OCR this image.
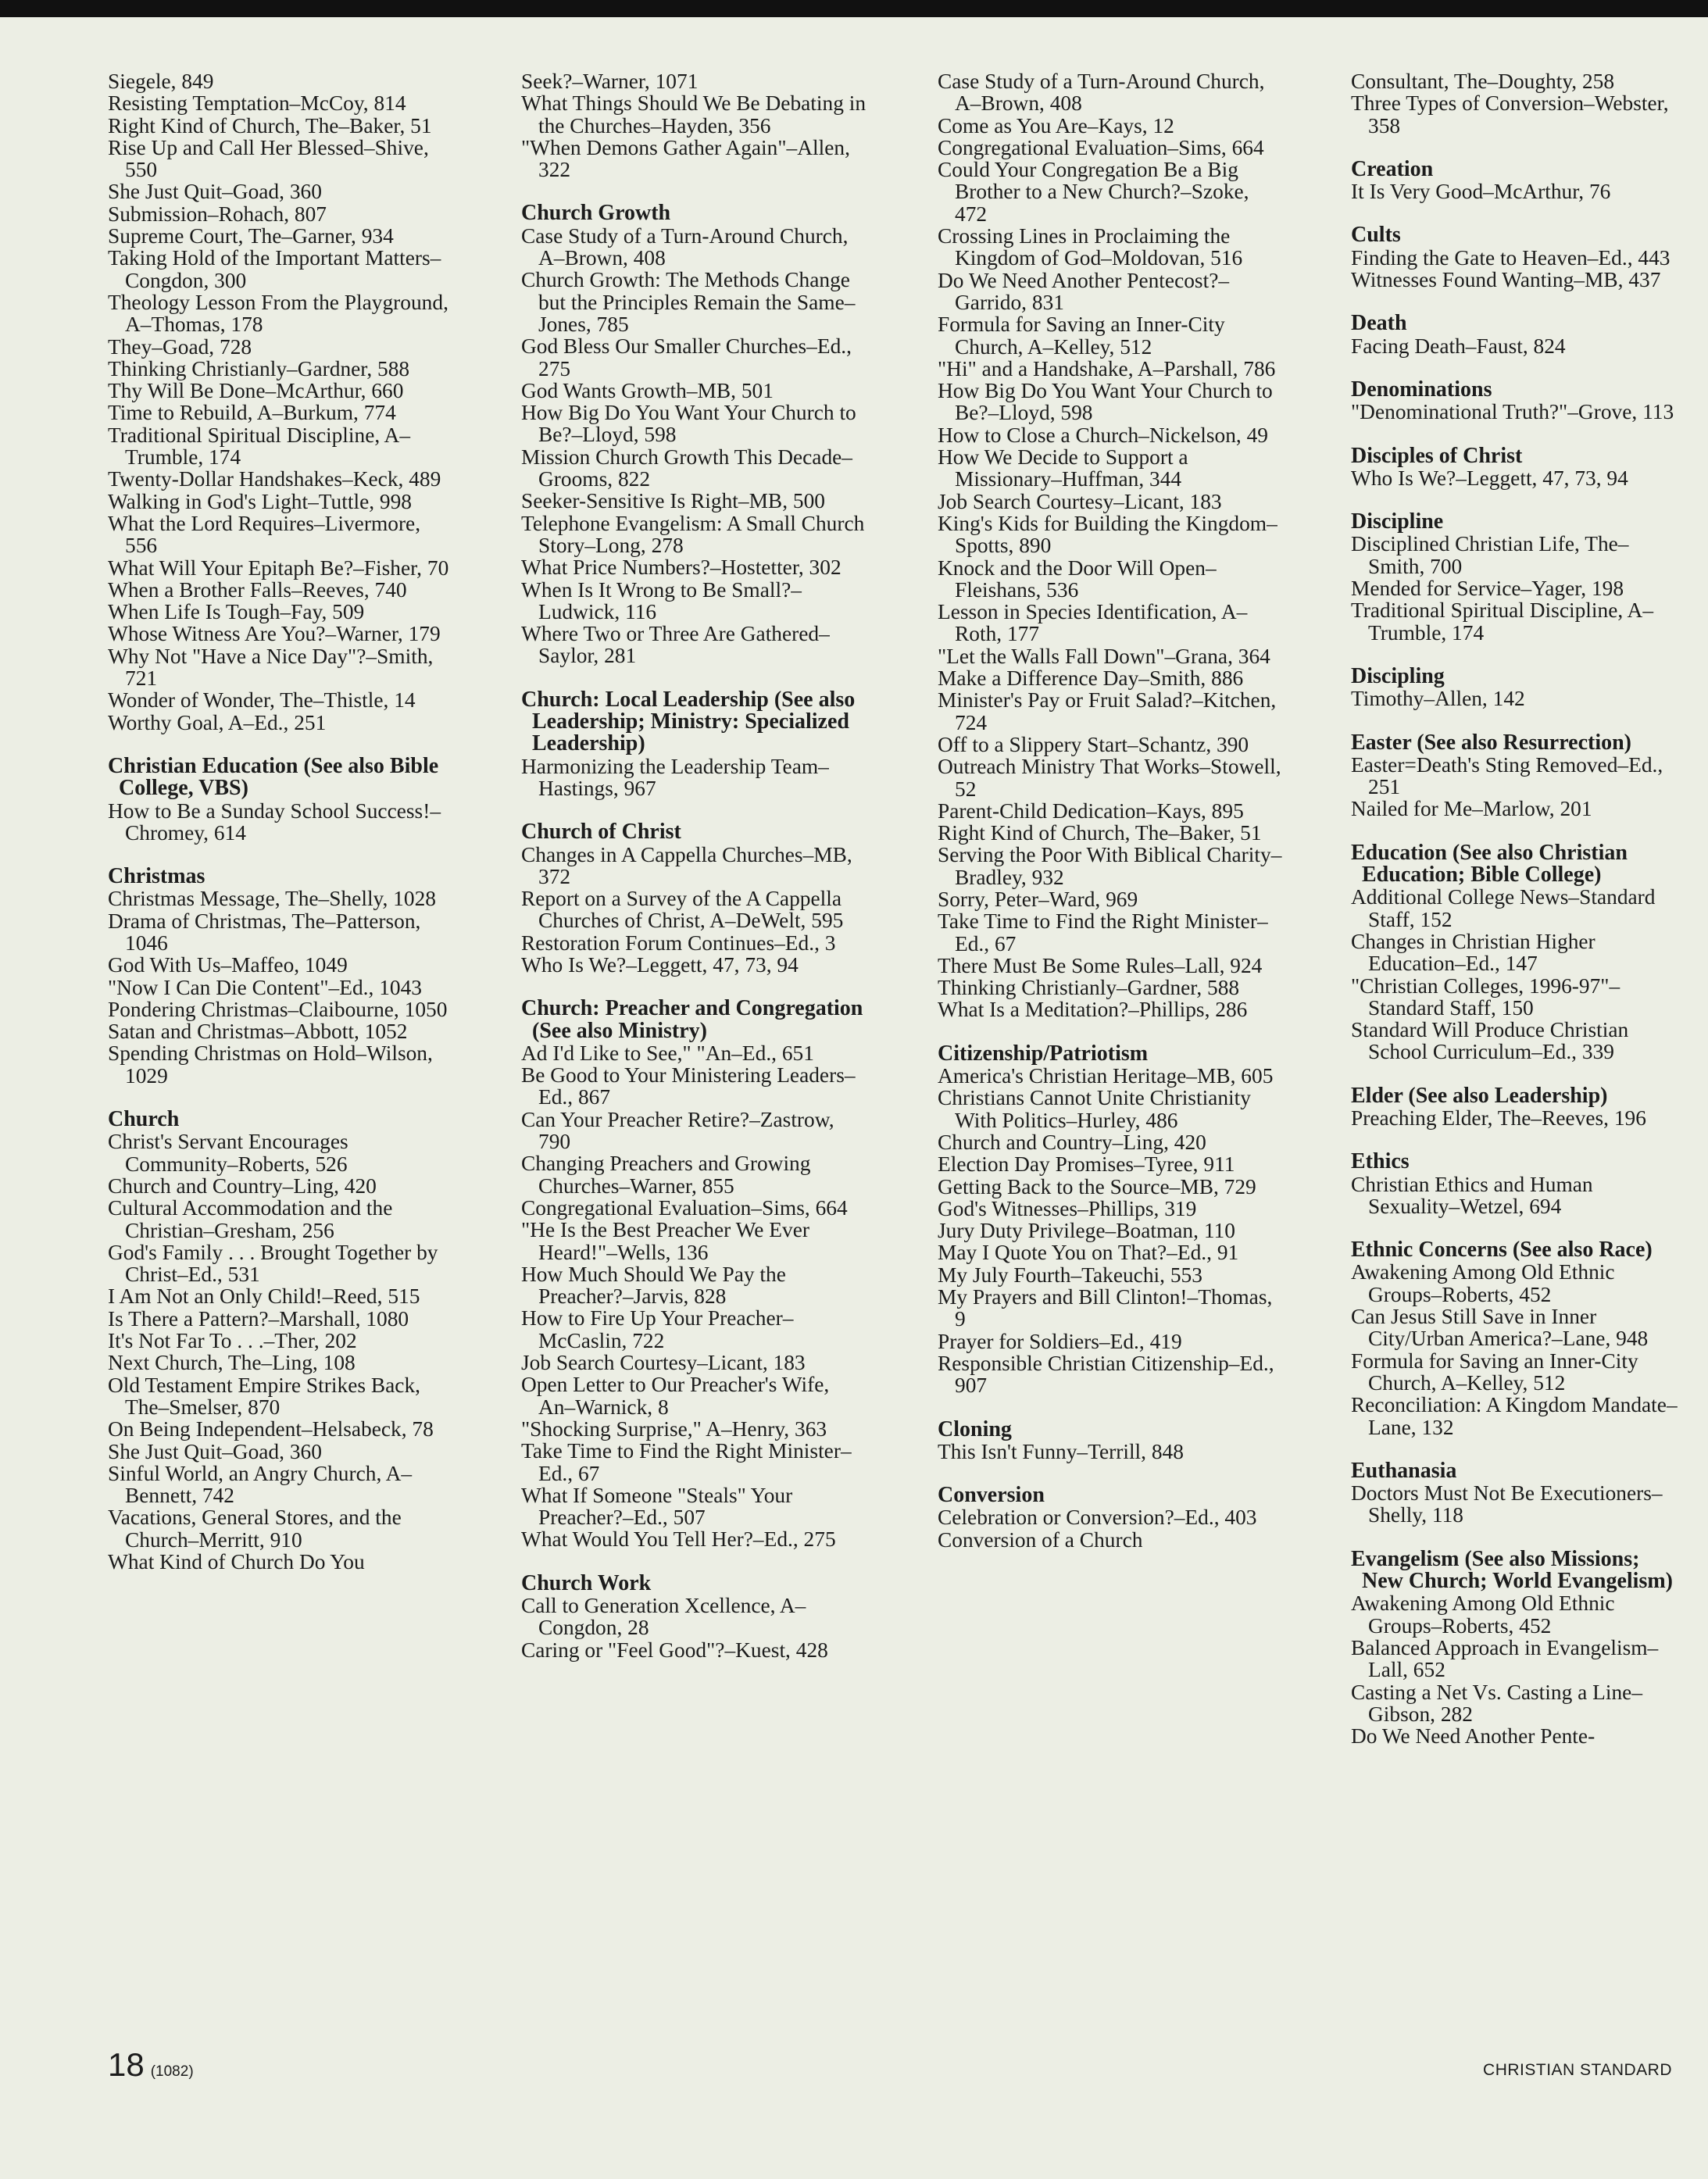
Siegele, 849
Resisting Temptation–McCoy, 814
Right Kind of Church, The–Baker, 51
Rise Up and Call Her Blessed–Shive, 550
She Just Quit–Goad, 360
Submission–Rohach, 807
Supreme Court, The–Garner, 934
Taking Hold of the Important Matters–Congdon, 300
Theology Lesson From the Playground, A–Thomas, 178
They–Goad, 728
Thinking Christianly–Gardner, 588
Thy Will Be Done–McArthur, 660
Time to Rebuild, A–Burkum, 774
Traditional Spiritual Discipline, A–Trumble, 174
Twenty-Dollar Handshakes–Keck, 489
Walking in God's Light–Tuttle, 998
What the Lord Requires–Livermore, 556
What Will Your Epitaph Be?–Fisher, 70
When a Brother Falls–Reeves, 740
When Life Is Tough–Fay, 509
Whose Witness Are You?–Warner, 179
Why Not "Have a Nice Day"?–Smith, 721
Wonder of Wonder, The–Thistle, 14
Worthy Goal, A–Ed., 251
Christian Education (See also Bible College, VBS)
How to Be a Sunday School Success!–Chromey, 614
Christmas
Christmas Message, The–Shelly, 1028
Drama of Christmas, The–Patterson, 1046
God With Us–Maffeo, 1049
"Now I Can Die Content"–Ed., 1043
Pondering Christmas–Claibourne, 1050
Satan and Christmas–Abbott, 1052
Spending Christmas on Hold–Wilson, 1029
Church
Christ's Servant Encourages Community–Roberts, 526
Church and Country–Ling, 420
Cultural Accommodation and the Christian–Gresham, 256
God's Family . . . Brought Together by Christ–Ed., 531
I Am Not an Only Child!–Reed, 515
Is There a Pattern?–Marshall, 1080
It's Not Far To . . .–Ther, 202
Next Church, The–Ling, 108
Old Testament Empire Strikes Back, The–Smelser, 870
On Being Independent–Helsabeck, 78
She Just Quit–Goad, 360
Sinful World, an Angry Church, A–Bennett, 742
Vacations, General Stores, and the Church–Merritt, 910
What Kind of Church Do You
Seek?–Warner, 1071
What Things Should We Be Debating in the Churches–Hayden, 356
"When Demons Gather Again"–Allen, 322
Church Growth
Case Study of a Turn-Around Church, A–Brown, 408
Church Growth: The Methods Change but the Principles Remain the Same–Jones, 785
God Bless Our Smaller Churches–Ed., 275
God Wants Growth–MB, 501
How Big Do You Want Your Church to Be?–Lloyd, 598
Mission Church Growth This Decade–Grooms, 822
Seeker-Sensitive Is Right–MB, 500
Telephone Evangelism: A Small Church Story–Long, 278
What Price Numbers?–Hostetter, 302
When Is It Wrong to Be Small?–Ludwick, 116
Where Two or Three Are Gathered–Saylor, 281
Church: Local Leadership (See also Leadership; Ministry: Specialized Leadership)
Harmonizing the Leadership Team–Hastings, 967
Church of Christ
Changes in A Cappella Churches–MB, 372
Report on a Survey of the A Cappella Churches of Christ, A–DeWelt, 595
Restoration Forum Continues–Ed., 3
Who Is We?–Leggett, 47, 73, 94
Church: Preacher and Congregation (See also Ministry)
Ad I'd Like to See," "An–Ed., 651
Be Good to Your Ministering Leaders–Ed., 867
Can Your Preacher Retire?–Zastrow, 790
Changing Preachers and Growing Churches–Warner, 855
Congregational Evaluation–Sims, 664
"He Is the Best Preacher We Ever Heard!"–Wells, 136
How Much Should We Pay the Preacher?–Jarvis, 828
How to Fire Up Your Preacher–McCaslin, 722
Job Search Courtesy–Licant, 183
Open Letter to Our Preacher's Wife, An–Warnick, 8
"Shocking Surprise," A–Henry, 363
Take Time to Find the Right Minister–Ed., 67
What If Someone "Steals" Your Preacher?–Ed., 507
What Would You Tell Her?–Ed., 275
Church Work
Call to Generation Xcellence, A–Congdon, 28
Caring or "Feel Good"?–Kuest, 428
Case Study of a Turn-Around Church, A–Brown, 408
Come as You Are–Kays, 12
Congregational Evaluation–Sims, 664
Could Your Congregation Be a Big Brother to a New Church?–Szoke, 472
Crossing Lines in Proclaiming the Kingdom of God–Moldovan, 516
Do We Need Another Pentecost?–Garrido, 831
Formula for Saving an Inner-City Church, A–Kelley, 512
"Hi" and a Handshake, A–Parshall, 786
How Big Do You Want Your Church to Be?–Lloyd, 598
How to Close a Church–Nickelson, 49
How We Decide to Support a Missionary–Huffman, 344
Job Search Courtesy–Licant, 183
King's Kids for Building the Kingdom–Spotts, 890
Knock and the Door Will Open–Fleishans, 536
Lesson in Species Identification, A–Roth, 177
"Let the Walls Fall Down"–Grana, 364
Make a Difference Day–Smith, 886
Minister's Pay or Fruit Salad?–Kitchen, 724
Off to a Slippery Start–Schantz, 390
Outreach Ministry That Works–Stowell, 52
Parent-Child Dedication–Kays, 895
Right Kind of Church, The–Baker, 51
Serving the Poor With Biblical Charity–Bradley, 932
Sorry, Peter–Ward, 969
Take Time to Find the Right Minister–Ed., 67
There Must Be Some Rules–Lall, 924
Thinking Christianly–Gardner, 588
What Is a Meditation?–Phillips, 286
Citizenship/Patriotism
America's Christian Heritage–MB, 605
Christians Cannot Unite Christianity With Politics–Hurley, 486
Church and Country–Ling, 420
Election Day Promises–Tyree, 911
Getting Back to the Source–MB, 729
God's Witnesses–Phillips, 319
Jury Duty Privilege–Boatman, 110
May I Quote You on That?–Ed., 91
My July Fourth–Takeuchi, 553
My Prayers and Bill Clinton!–Thomas, 9
Prayer for Soldiers–Ed., 419
Responsible Christian Citizenship–Ed., 907
Cloning
This Isn't Funny–Terrill, 848
Conversion
Celebration or Conversion?–Ed., 403
Conversion of a Church
Consultant, The–Doughty, 258
Three Types of Conversion–Webster, 358
Creation
It Is Very Good–McArthur, 76
Cults
Finding the Gate to Heaven–Ed., 443
Witnesses Found Wanting–MB, 437
Death
Facing Death–Faust, 824
Denominations
"Denominational Truth?"–Grove, 113
Disciples of Christ
Who Is We?–Leggett, 47, 73, 94
Discipline
Disciplined Christian Life, The–Smith, 700
Mended for Service–Yager, 198
Traditional Spiritual Discipline, A–Trumble, 174
Discipling
Timothy–Allen, 142
Easter (See also Resurrection)
Easter=Death's Sting Removed–Ed., 251
Nailed for Me–Marlow, 201
Education (See also Christian Education; Bible College)
Additional College News–Standard Staff, 152
Changes in Christian Higher Education–Ed., 147
"Christian Colleges, 1996-97"–Standard Staff, 150
Standard Will Produce Christian School Curriculum–Ed., 339
Elder (See also Leadership)
Preaching Elder, The–Reeves, 196
Ethics
Christian Ethics and Human Sexuality–Wetzel, 694
Ethnic Concerns (See also Race)
Awakening Among Old Ethnic Groups–Roberts, 452
Can Jesus Still Save in Inner City/Urban America?–Lane, 948
Formula for Saving an Inner-City Church, A–Kelley, 512
Reconciliation: A Kingdom Mandate–Lane, 132
Euthanasia
Doctors Must Not Be Executioners–Shelly, 118
Evangelism (See also Missions; New Church; World Evangelism)
Awakening Among Old Ethnic Groups–Roberts, 452
Balanced Approach in Evangelism–Lall, 652
Casting a Net Vs. Casting a Line–Gibson, 282
Do We Need Another Pente-
18 (1082)	CHRISTIAN STANDARD
